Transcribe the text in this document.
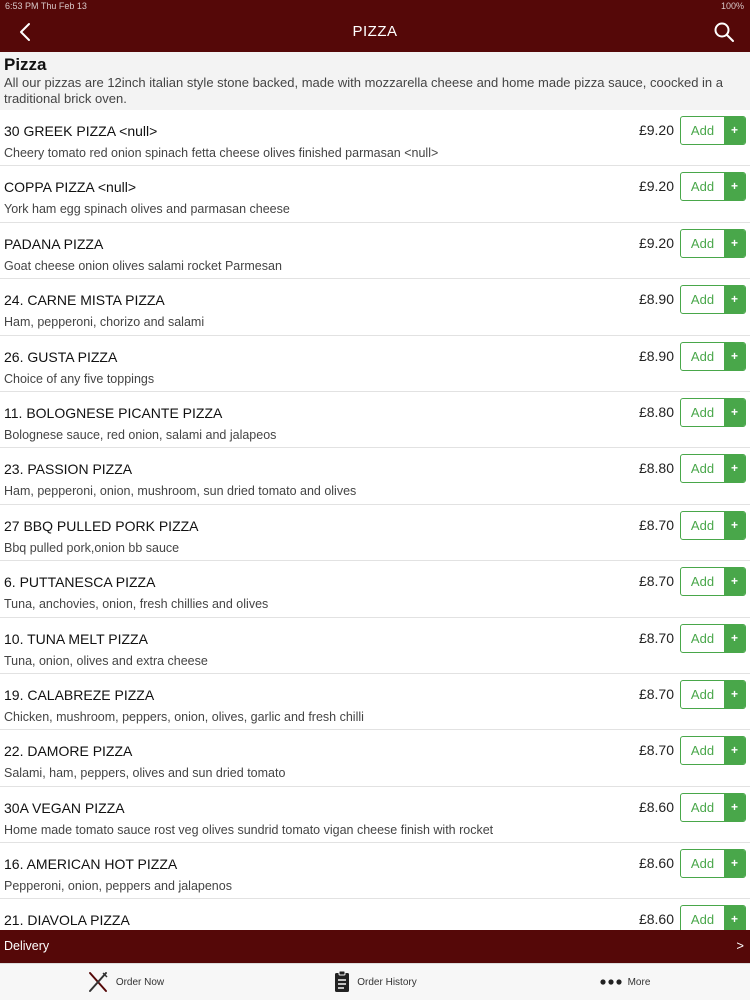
6:53 PM Thu Feb 13	100%
PIZZA
Pizza
All our pizzas are 12inch italian style stone backed, made with mozzarella cheese and home made pizza sauce, coocked in a traditional brick oven.
30 GREEK PIZZA <null>
Cheery tomato red onion spinach fetta cheese olives finished parmasan <null>
£9.20	Add	+
COPPA PIZZA <null>
York ham egg spinach olives and parmasan cheese
£9.20	Add	+
PADANA PIZZA
Goat cheese onion olives salami rocket Parmesan
£9.20	Add	+
24. CARNE MISTA PIZZA
Ham, pepperoni, chorizo and salami
£8.90	Add	+
26. GUSTA PIZZA
Choice of any five toppings
£8.90	Add	+
11. BOLOGNESE PICANTE PIZZA
Bolognese sauce, red onion, salami and jalapeos
£8.80	Add	+
23. PASSION PIZZA
Ham, pepperoni, onion, mushroom, sun dried tomato and olives
£8.80	Add	+
27 BBQ PULLED PORK PIZZA
Bbq pulled pork,onion bb sauce
£8.70	Add	+
6. PUTTANESCA PIZZA
Tuna, anchovies, onion, fresh chillies and olives
£8.70	Add	+
10. TUNA MELT PIZZA
Tuna, onion, olives and extra cheese
£8.70	Add	+
19. CALABREZE PIZZA
Chicken, mushroom, peppers, onion, olives, garlic and fresh chilli
£8.70	Add	+
22. DAMORE PIZZA
Salami, ham, peppers, olives and sun dried tomato
£8.70	Add	+
30A VEGAN PIZZA
Home made tomato sauce rost veg olives sundrid tomato vigan cheese finish with rocket
£8.60	Add	+
16. AMERICAN HOT PIZZA
Pepperoni, onion, peppers and jalapenos
£8.60	Add	+
21. DIAVOLA PIZZA	£8.60	Add	+
Delivery	>
Order Now	Order History	More
